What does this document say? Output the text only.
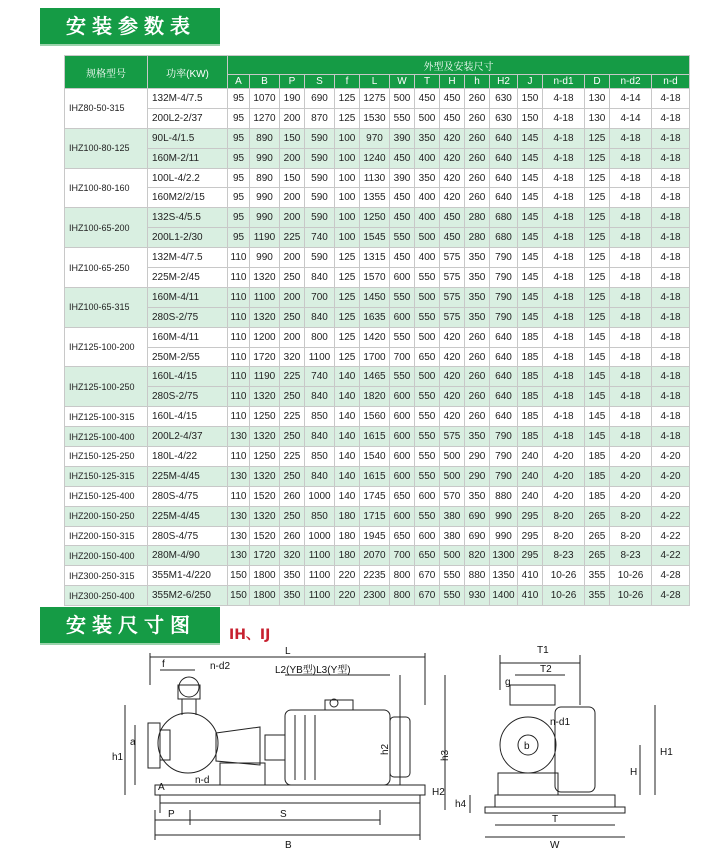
安装参数表
规格型号	功率(KW)	外型及安装尺寸															
		A	B	P	S	f	L	W	T	H	h	H2	J	n-d1	D	n-d2	n-d
IHZ80-50-315	132M-4/7.5	95	1070	190	690	125	1275	500	450	450	260	630	150	4-18	130	4-14	4-18
	200L2-2/37	95	1270	200	870	125	1530	550	500	450	260	630	150	4-18	130	4-14	4-18
IHZ100-80-125	90L-4/1.5	95	890	150	590	100	970	390	350	420	260	640	145	4-18	125	4-18	4-18
	160M-2/11	95	990	200	590	100	1240	450	400	420	260	640	145	4-18	125	4-18	4-18
IHZ100-80-160	100L-4/2.2	95	890	150	590	100	1130	390	350	420	260	640	145	4-18	125	4-18	4-18
	160M2/2/15	95	990	200	590	100	1355	450	400	420	260	640	145	4-18	125	4-18	4-18
IHZ100-65-200	132S-4/5.5	95	990	200	590	100	1250	450	400	450	280	680	145	4-18	125	4-18	4-18
	200L1-2/30	95	1190	225	740	100	1545	550	500	450	280	680	145	4-18	125	4-18	4-18
IHZ100-65-250	132M-4/7.5	110	990	200	590	125	1315	450	400	575	350	790	145	4-18	125	4-18	4-18
	225M-2/45	110	1320	250	840	125	1570	600	550	575	350	790	145	4-18	125	4-18	4-18
IHZ100-65-315	160M-4/11	110	1100	200	700	125	1450	550	500	575	350	790	145	4-18	125	4-18	4-18
	280S-2/75	110	1320	250	840	125	1635	600	550	575	350	790	145	4-18	125	4-18	4-18
IHZ125-100-200	160M-4/11	110	1200	200	800	125	1420	550	500	420	260	640	185	4-18	145	4-18	4-18
	250M-2/55	110	1720	320	1100	125	1700	700	650	420	260	640	185	4-18	145	4-18	4-18
IHZ125-100-250	160L-4/15	110	1190	225	740	140	1465	550	500	420	260	640	185	4-18	145	4-18	4-18
	280S-2/75	110	1320	250	840	140	1820	600	550	420	260	640	185	4-18	145	4-18	4-18
IHZ125-100-315	160L-4/15	110	1250	225	850	140	1560	600	550	420	260	640	185	4-18	145	4-18	4-18
IHZ125-100-400	200L2-4/37	130	1320	250	840	140	1615	600	550	575	350	790	185	4-18	145	4-18	4-18
IHZ150-125-250	180L-4/22	110	1250	225	850	140	1540	600	550	500	290	790	240	4-20	185	4-20	4-20
IHZ150-125-315	225M-4/45	130	1320	250	840	140	1615	600	550	500	290	790	240	4-20	185	4-20	4-20
IHZ150-125-400	280S-4/75	110	1520	260	1000	140	1745	650	600	570	350	880	240	4-20	185	4-20	4-20
IHZ200-150-250	225M-4/45	130	1320	250	850	180	1715	600	550	380	690	990	295	8-20	265	8-20	4-22
IHZ200-150-315	280S-4/75	130	1520	260	1000	180	1945	650	600	380	690	990	295	8-20	265	8-20	4-22
IHZ200-150-400	280M-4/90	130	1720	320	1100	180	2070	700	650	500	820	1300	295	8-23	265	8-23	4-22
IHZ300-250-315	355M1-4/220	150	1800	350	1100	220	2235	800	670	550	880	1350	410	10-26	355	10-26	4-28
IHZ300-250-400	355M2-6/250	150	1800	350	1100	220	2300	800	670	550	930	1400	410	10-26	355	10-26	4-28
安装尺寸图	IH、IJ
L
f	n-d2	L2(YB型)L3(Y型)
h2
h3
a
h1
A
n-d
H2
P	S
B
T1
T2
g
n-d1
b
H1
H
h4
T
W
